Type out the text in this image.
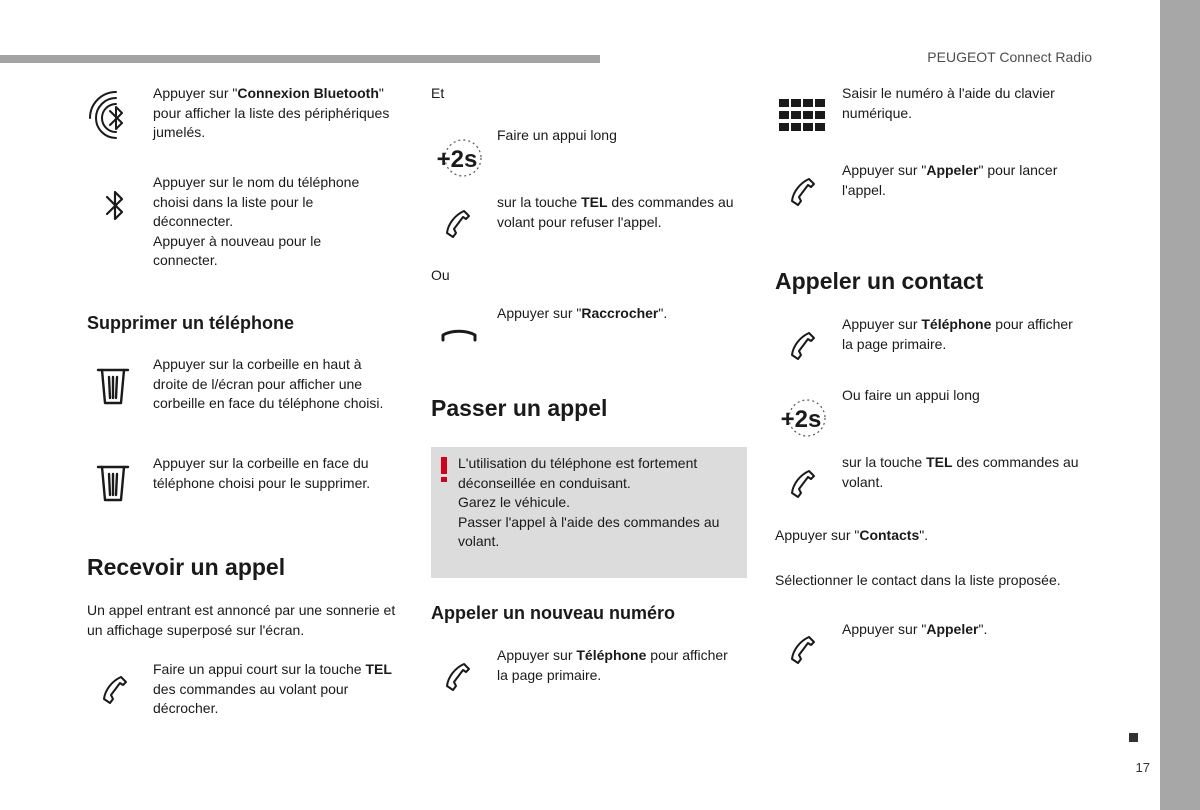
PEUGEOT Connect Radio
Appuyer sur "Connexion Bluetooth" pour afficher la liste des périphériques jumelés.
Appuyer sur le nom du téléphone choisi dans la liste pour le déconnecter.
Appuyer à nouveau pour le connecter.
Supprimer un téléphone
Appuyer sur la corbeille en haut à droite de l/écran pour afficher une corbeille en face du téléphone choisi.
Appuyer sur la corbeille en face du téléphone choisi pour le supprimer.
Recevoir un appel
Un appel entrant est annoncé par une sonnerie et un affichage superposé sur l'écran.
Faire un appui court sur la touche TEL des commandes au volant pour décrocher.
Et
+2s
Faire un appui long
sur la touche TEL des commandes au volant pour refuser l'appel.
Ou
Appuyer sur "Raccrocher".
Passer un appel
L'utilisation du téléphone est fortement déconseillée en conduisant.
Garez le véhicule.
Passer l'appel à l'aide des commandes au volant.
Appeler un nouveau numéro
Appuyer sur Téléphone pour afficher la page primaire.
Saisir le numéro à l'aide du clavier numérique.
Appuyer sur "Appeler" pour lancer l'appel.
Appeler un contact
Appuyer sur Téléphone pour afficher la page primaire.
Ou faire un appui long
+2s
sur la touche TEL des commandes au volant.
Appuyer sur "Contacts".
Sélectionner le contact dans la liste proposée.
Appuyer sur "Appeler".
17
